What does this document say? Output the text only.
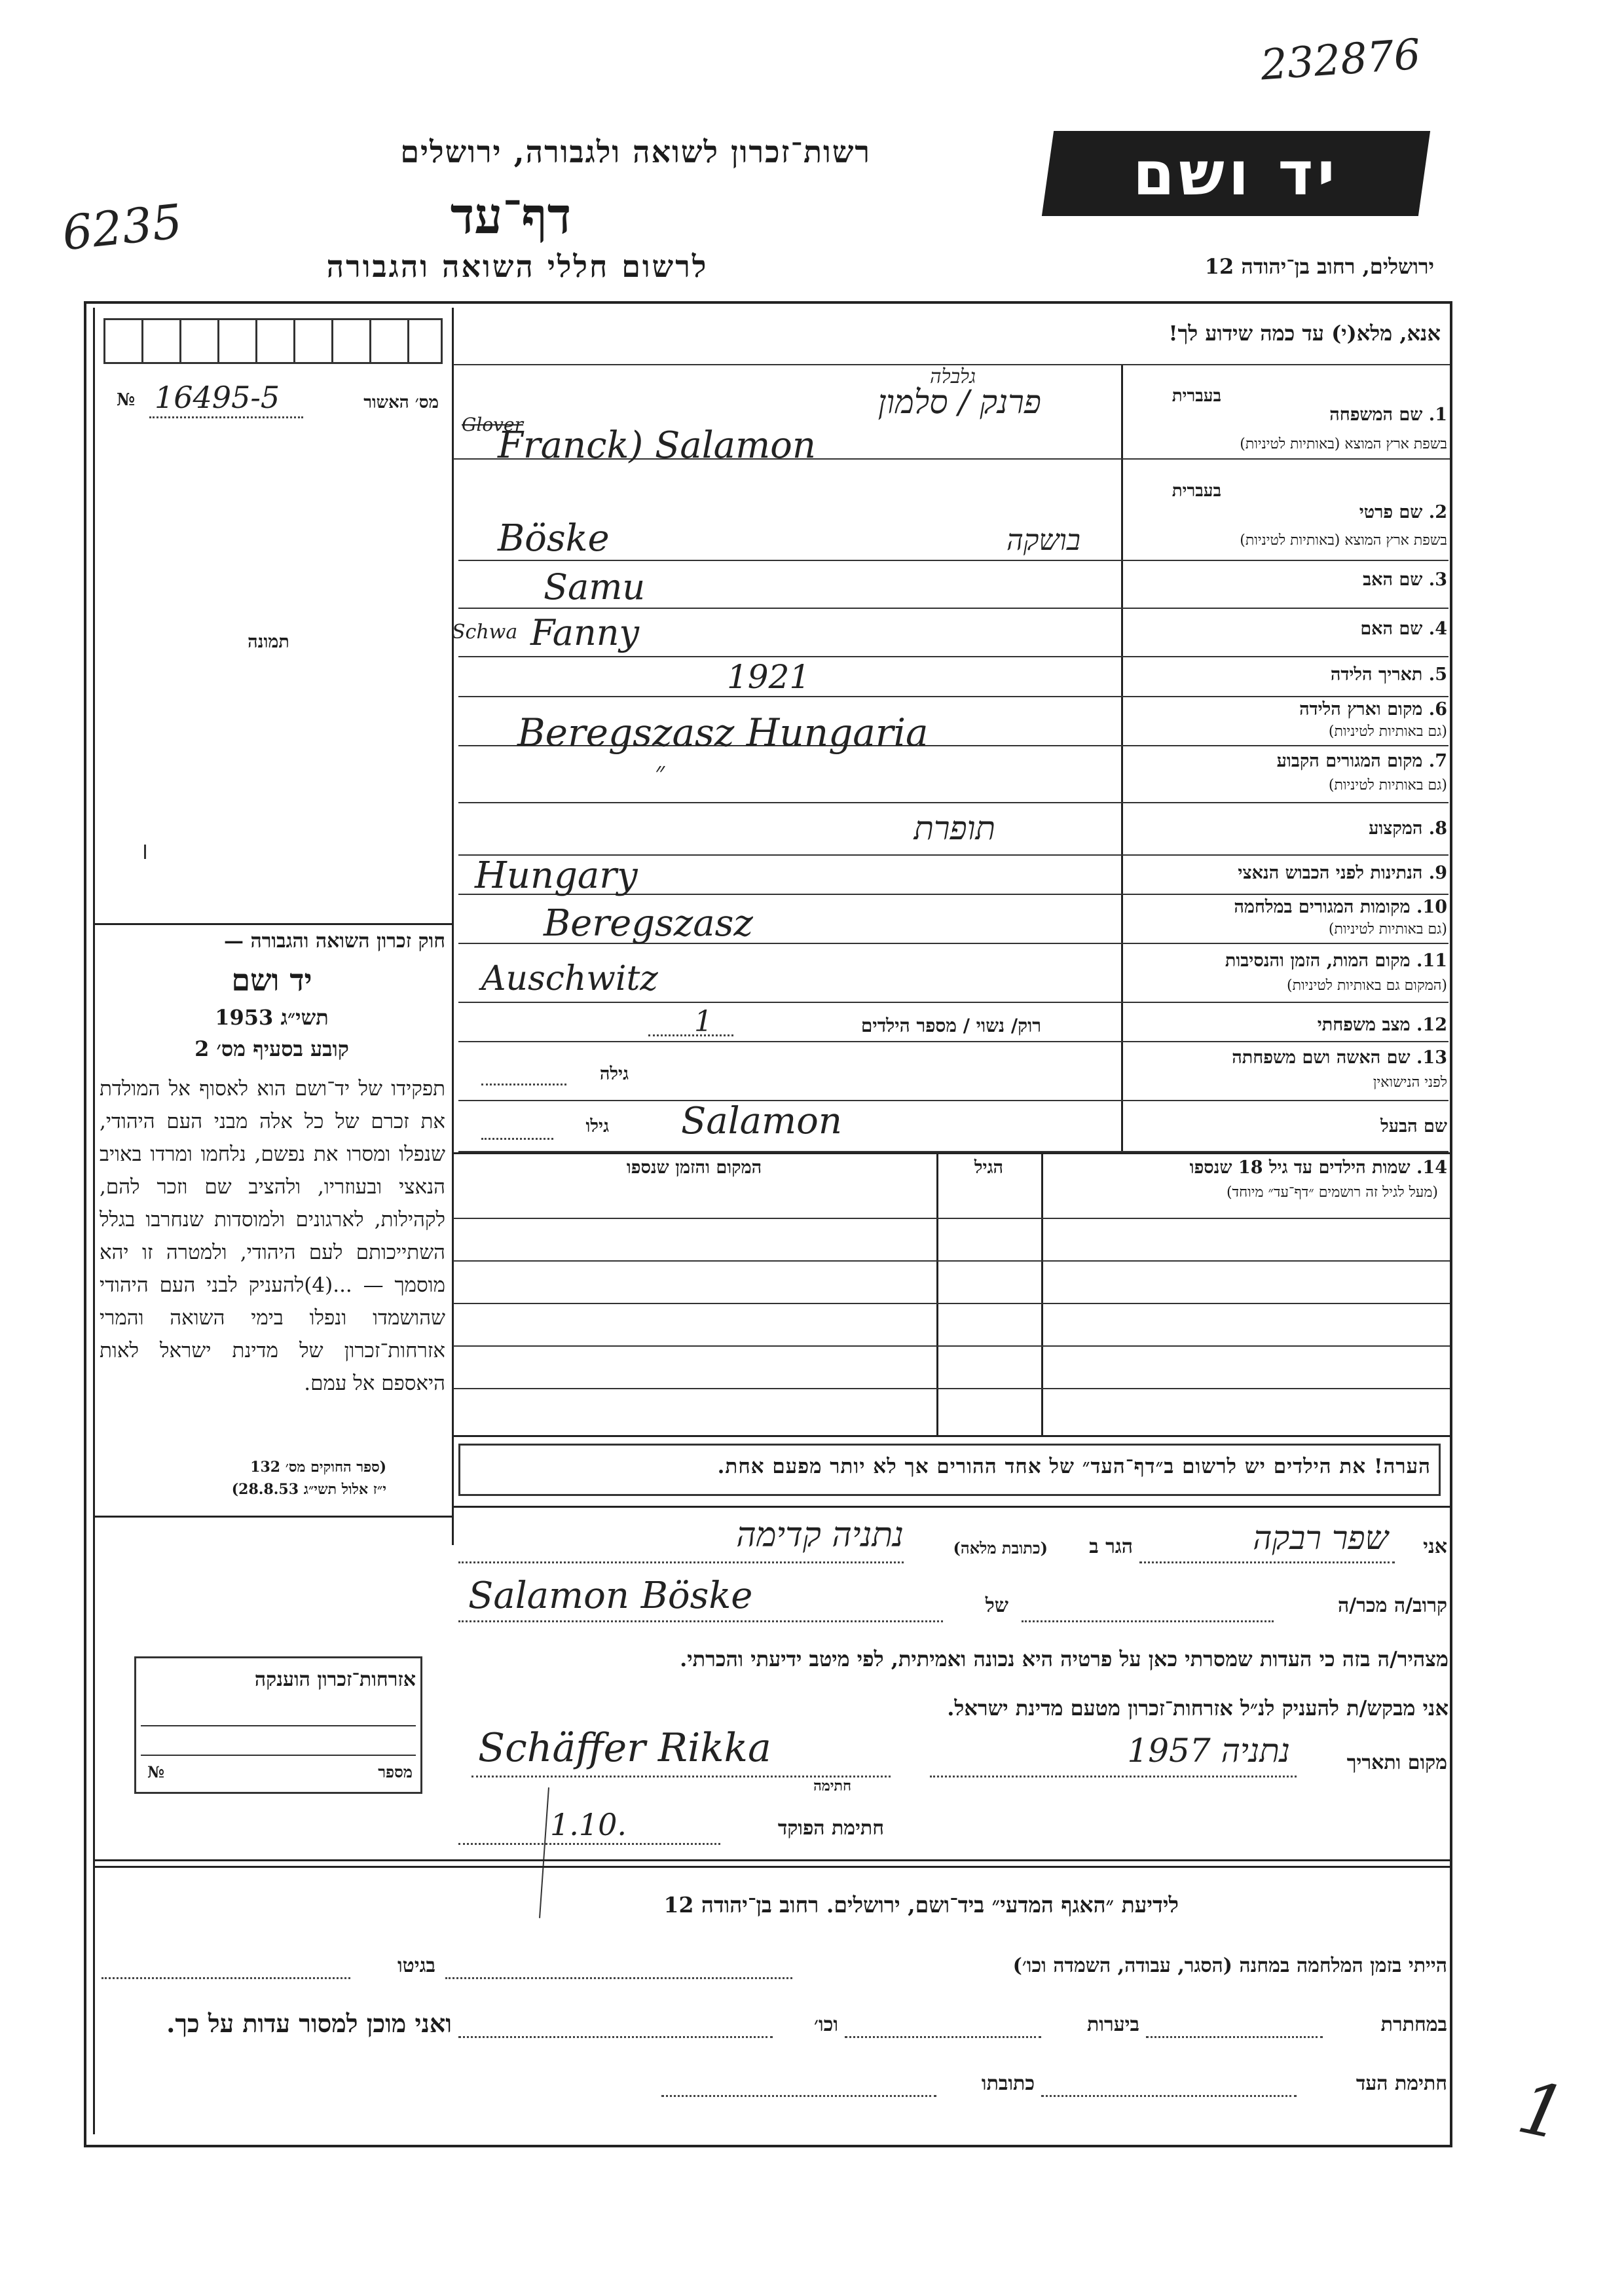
232876
6235
רשות־זכרון לשואה ולגבורה, ירושלים
דף־עד
לרשום חללי השואה והגבורה
יד ושם
ירושלים, רחוב בן־יהודה 12
אנא, מלא(י) עד כמה שידוע לך!
מס׳ האשור
№ 16495-5
תמונה
חוק זכרון השואה והגבורה —
יד ושם
תשי״ג 1953
קובע בסעיף מס׳ 2
תפקידו של יד־ושם הוא לאסוף אל המולדת את זכרם של כל אלה מבני העם היהודי, שנפלו ומסרו את נפשם, נלחמו ומרדו באויב הנאצי ובעוזריו, ולהציב שם וזכר להם, לקהילות, לארגונים ולמוסדות שנחרבו בגלל השתייכותם לעם היהודי, ולמטרה זו יהא מוסמך — ...(4)להעניק לבני העם היהודי שהושמדו ונפלו בימי השואה והמרי אזרחות־זכרון של מדינת ישראל לאות היאספם אל עמם.
(ספר החוקים מס׳ 132
י״ז אלול תשי״ג 28.8.53)
בעברית
1. שם המשפחה
בשפת ארץ המוצא (באותיות לטיניות)
גלבלה
פרנק / סלמון
Glover
Franck) Salamon
בעברית
2. שם פרטי
בשפת ארץ המוצא (באותיות לטיניות)
Böske	בושקה
3. שם האב
Samu
4. שם האם
Schwa Fanny
5. תאריך הלידה
1921
6. מקום וארץ הלידה
(גם באותיות לטיניות)
Beregszasz Hungaria
7. מקום המגורים הקבוע
(גם באותיות לטיניות)
״
8. המקצוע
תופרת
9. הנתינות לפני הכבוש הנאצי
Hungary
10. מקומות המגורים במלחמה
(גם באותיות לטיניות)
Beregszasz
11. מקום המות, הזמן והנסיבות
(המקום גם באותיות לטיניות)
Auschwitz
12. מצב משפחתי
רוק/ נשוי / מספר הילדים
1
13. שם האשה ושם משפחתה
לפני הנישואין
גילה
שם הבעל
גילו Salamon
14. שמות הילדים עד גיל 18 שנספו
(מעל לגיל זה רושמים ״דף־עד״ מיוחד)
הגיל
המקום והזמן שנספו
הערה! את הילדים יש לרשום ב״דף־העד״ של אחד ההורים אך לא יותר מפעם אחת.
אני
שפר רבקה
הגר ב
(כתובת מלאה)
נתניה קדימה
קרוב/ה מכר/ה
של
Salamon Böske
מצהיר/ה בזה כי העדות שמסרתי כאן על פרטיה היא נכונה ואמיתית, לפי מיטב ידיעתי והכרתי.
אני מבקש/ת להעניק לנ״ל אזרחות־זכרון מטעם מדינת ישראל.
מקום ותאריך
נתניה 1957
Schäffer Rikka
חתימה
חתימת הפוקד
1.10.
אזרחות־זכרון הוענקה
מספר
№
לידיעת ״האגף המדעי״ ביד־ושם, ירושלים. רחוב בן־יהודה 12
הייתי בזמן המלחמה במחנה (הסגר, עבודה, השמדה וכו׳)
בגיטו
במחתרת
ביערות
וכו׳
ואני מוכן למסור עדות על כך.
חתימת העד
כתובתו	1
